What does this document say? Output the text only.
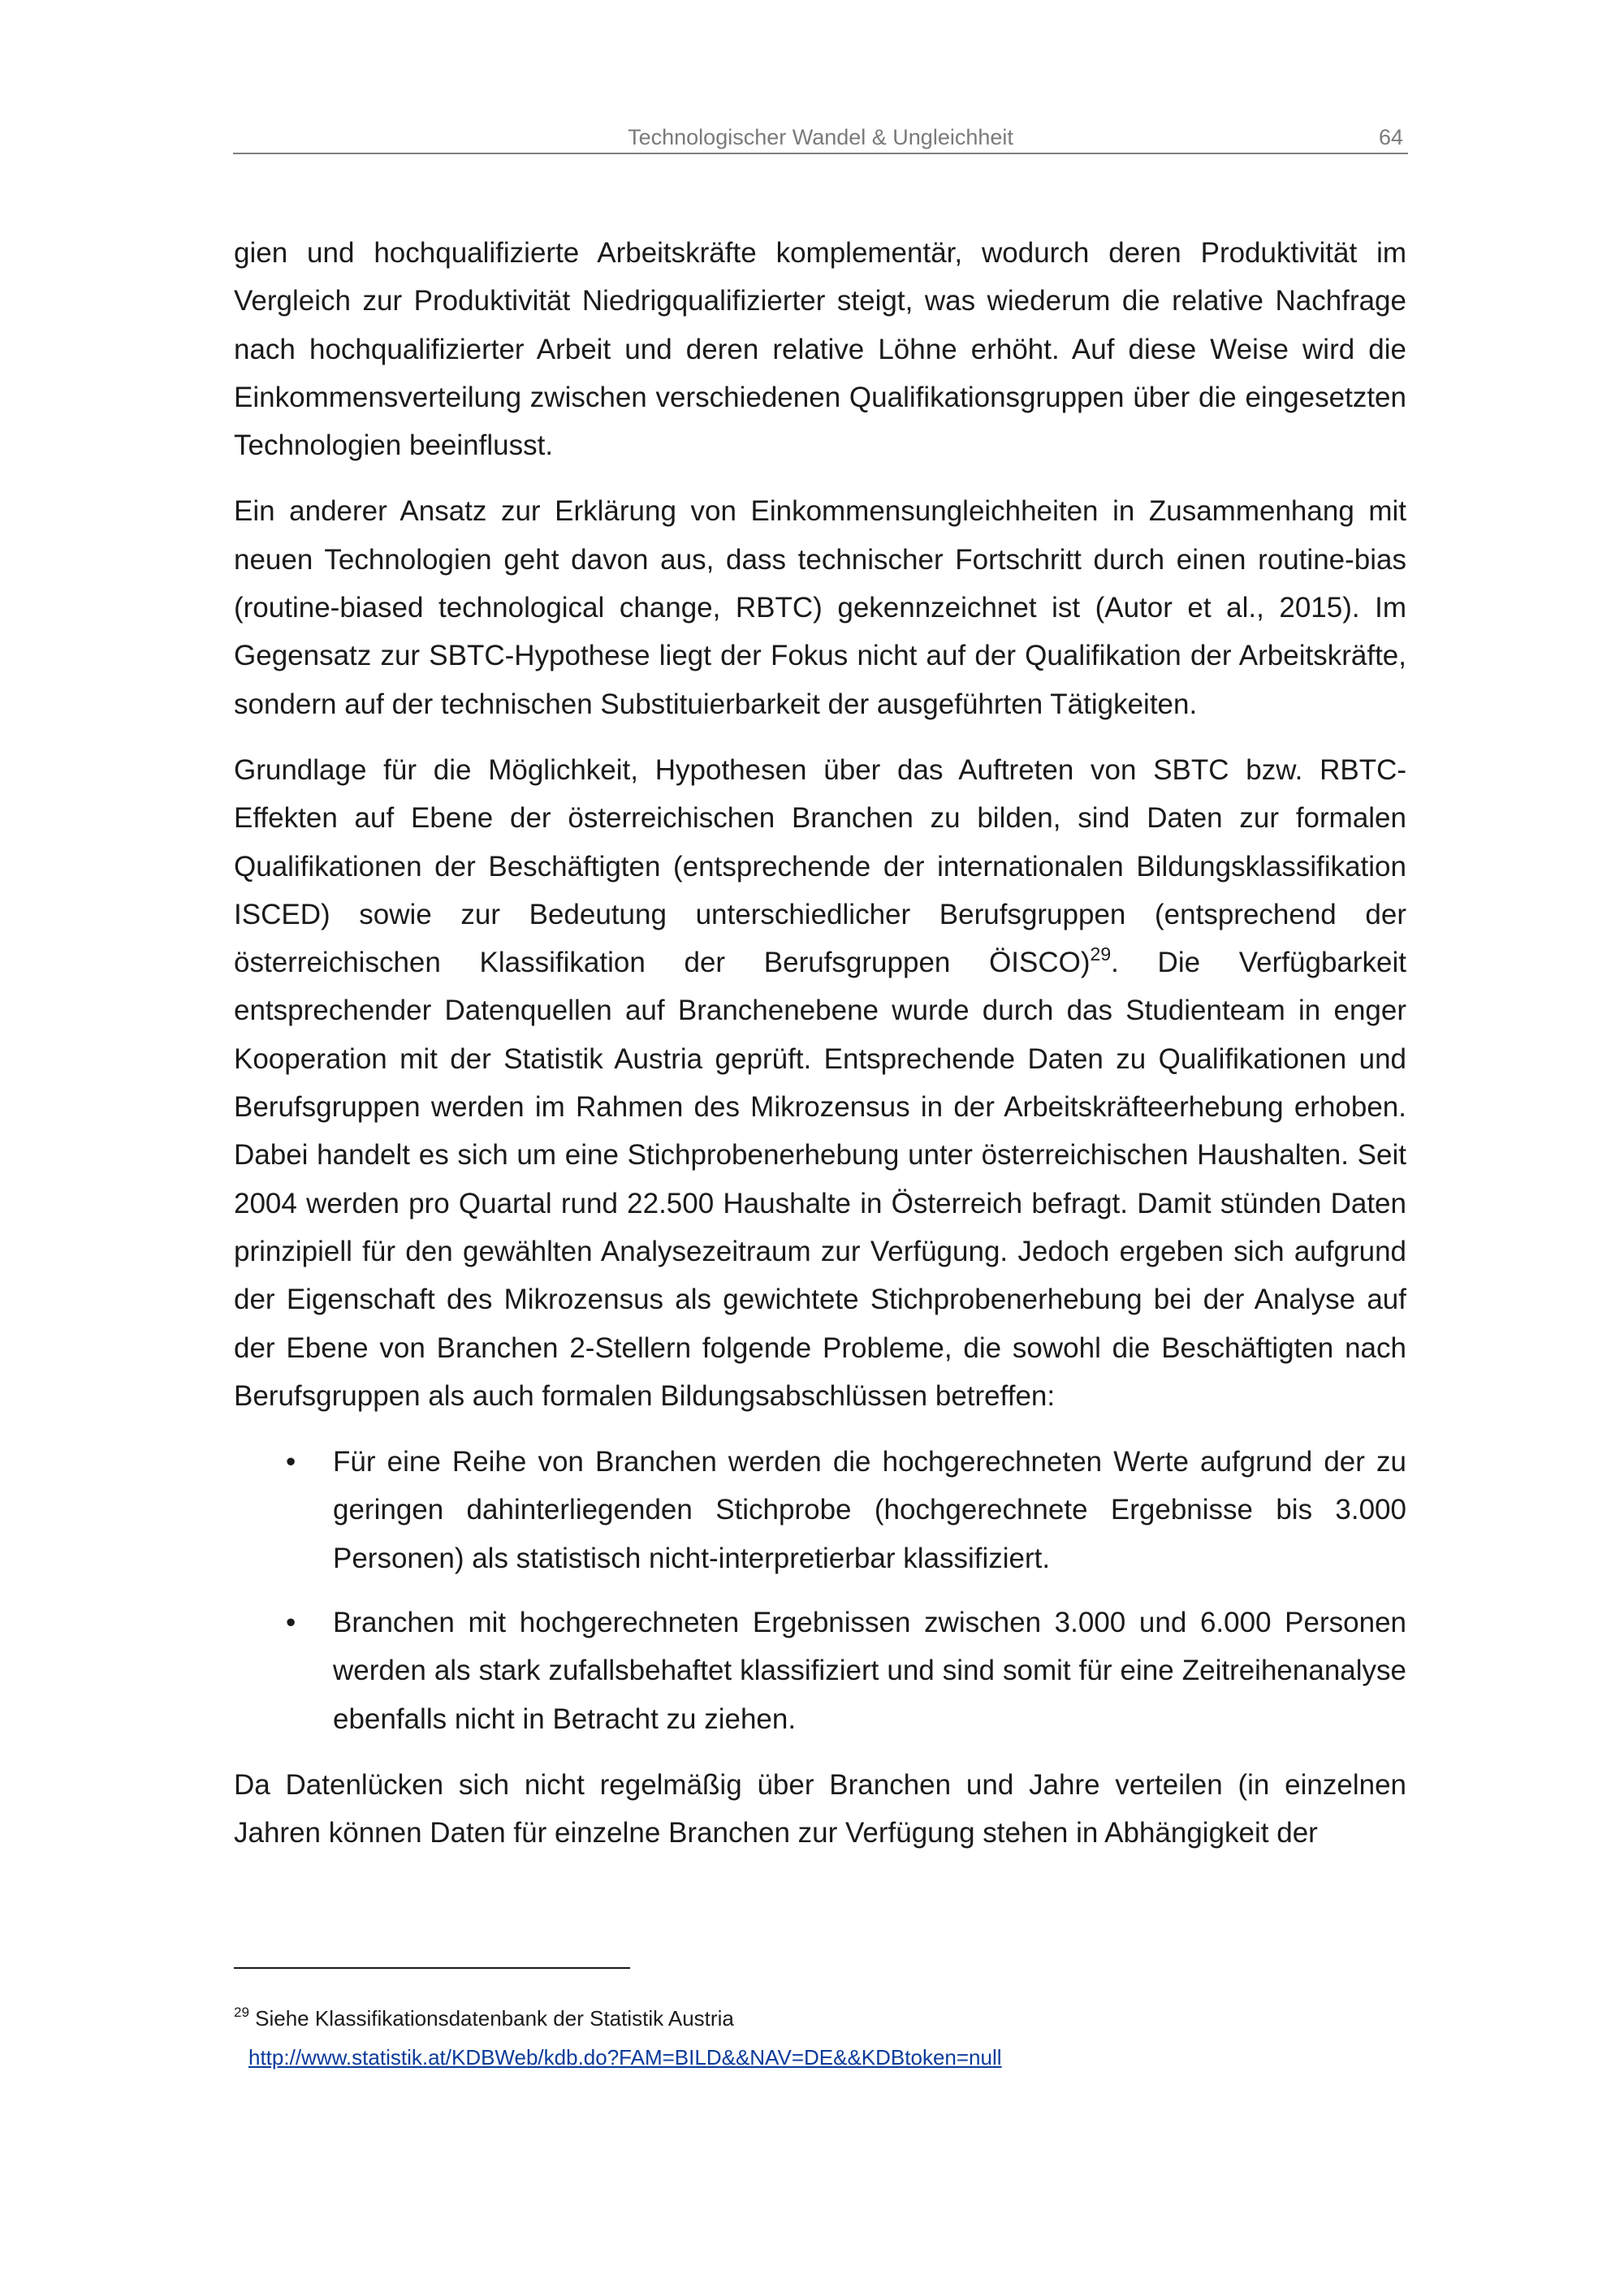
Technologischer Wandel & Ungleichheit	64

gien und hochqualifizierte Arbeitskräfte komplementär, wodurch deren Produktivität im Vergleich zur Produktivität Niedrigqualifizierter steigt, was wiederum die relative Nachfrage nach hochqualifizierter Arbeit und deren relative Löhne erhöht. Auf diese Weise wird die Einkommensverteilung zwischen verschiedenen Qualifikationsgruppen über die eingesetzten Technologien beeinflusst.

Ein anderer Ansatz zur Erklärung von Einkommensungleichheiten in Zusammenhang mit neuen Technologien geht davon aus, dass technischer Fortschritt durch einen routine-bias (routine-biased technological change, RBTC) gekennzeichnet ist (Autor et al., 2015). Im Gegensatz zur SBTC-Hypothese liegt der Fokus nicht auf der Qualifikation der Arbeitskräfte, sondern auf der technischen Substituierbarkeit der ausgeführten Tätigkeiten.

Grundlage für die Möglichkeit, Hypothesen über das Auftreten von SBTC bzw. RBTC-Effekten auf Ebene der österreichischen Branchen zu bilden, sind Daten zur formalen Qualifikationen der Beschäftigten (entsprechende der internationalen Bildungsklassifikation ISCED) sowie zur Bedeutung unterschiedlicher Berufsgruppen (entsprechend der österreichischen Klassifikation der Berufsgruppen ÖISCO)$^{29}$. Die Verfügbarkeit entsprechender Datenquellen auf Branchenebene wurde durch das Studienteam in enger Kooperation mit der Statistik Austria geprüft. Entsprechende Daten zu Qualifikationen und Berufsgruppen werden im Rahmen des Mikrozensus in der Arbeitskräfteerhebung erhoben. Dabei handelt es sich um eine Stichprobenerhebung unter österreichischen Haushalten. Seit 2004 werden pro Quartal rund 22.500 Haushalte in Österreich befragt. Damit stünden Daten prinzipiell für den gewählten Analysezeitraum zur Verfügung. Jedoch ergeben sich aufgrund der Eigenschaft des Mikrozensus als gewichtete Stichprobenerhebung bei der Analyse auf der Ebene von Branchen 2-Stellern folgende Probleme, die sowohl die Beschäftigten nach Berufsgruppen als auch formalen Bildungsabschlüssen betreffen:

• Für eine Reihe von Branchen werden die hochgerechneten Werte aufgrund der zu geringen dahinterliegenden Stichprobe (hochgerechnete Ergebnisse bis 3.000 Personen) als statistisch nicht-interpretierbar klassifiziert.
• Branchen mit hochgerechneten Ergebnissen zwischen 3.000 und 6.000 Personen werden als stark zufallsbehaftet klassifiziert und sind somit für eine Zeitreihenanalyse ebenfalls nicht in Betracht zu ziehen.

Da Datenlücken sich nicht regelmäßig über Branchen und Jahre verteilen (in einzelnen Jahren können Daten für einzelne Branchen zur Verfügung stehen in Abhängigkeit der

$^{29}$ Siehe Klassifikationsdatenbank der Statistik Austria
http://www.statistik.at/KDBWeb/kdb.do?FAM=BILD&&NAV=DE&&KDBtoken=null
